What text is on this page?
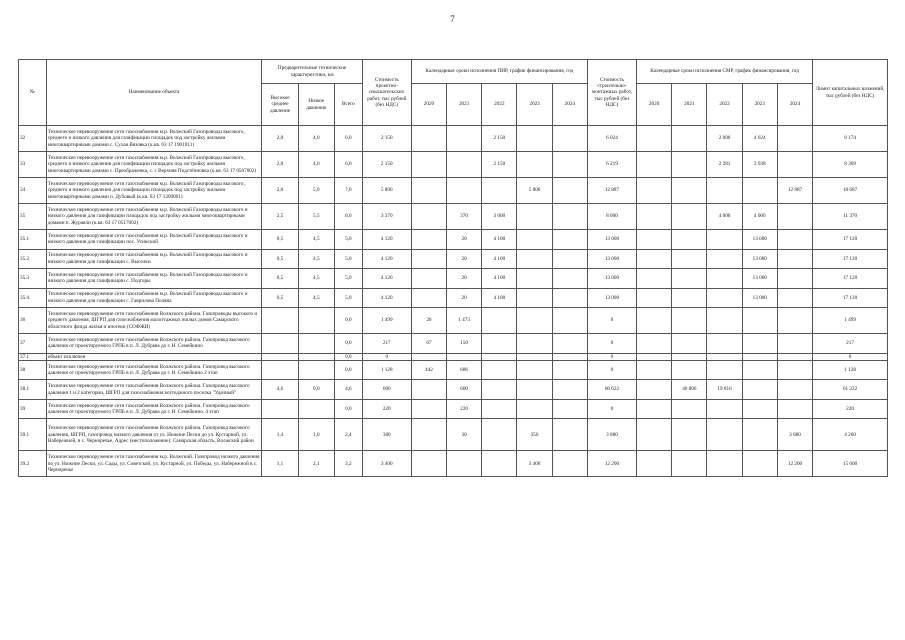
7
№	Наименование объекта	Предварительные технические характеристики, км			Стоимость проектно-изыскательских работ, тыс рублей (без НДС)	Календарные сроки исполнения ПИР, график финансирования, год					Стоимость строительно-монтажных работ, тыс рублей (без НДС)	Календарные сроки исполнения СМР, график финансирования, год					Лимит капитальных вложений, тыс рублей (без НДС)
		Высокое среднее давление	Низкое давление	Всего		2020	2021	2022	2023	2024		2020	2021	2022	2023	2024	
32	Техническое перевооружение сети газоснабжения м.р. Волжский Газопроводы высокого, среднего и низкого давления для газификации площадок под застройку жилыми многоквартирными домами с. Сухая Вязовка (к.кв. 63 17 1901011)	2,0	4,0	6,0	2 150			2 150			6 024			2 000	4 024		8 174
33	Техническое перевооружение сети газоснабжения м.р. Волжский Газопроводы высокого, среднего и низкого давления для газификации площадок под застройку жилыми многоквартирными домами с. Преображенка, с. с Верхняя Подстёпновка (к.кв. 63 17 0507002)	2,0	4,0	6,0	2 150			2 150			6 219			2 281	3 938		8 369
34	Техническое перевооружение сети газоснабжения м.р. Волжский Газопроводы высокого, среднего и низкого давления для газификации площадок под застройку жилыми многоквартирными домами п. Дубовый (к.кв. 63 17 1209001)	2,0	5,0	7,0	5 800				5 800		12 887					12 887	18 687
35	Техническое перевооружение сети газоснабжения м.р. Волжский Газопроводы высокого и низкого давления для газификации площадок под застройку жилыми многоквартирными домами п. Журавли (к.кв. 63 17 0517002)	2,5	5,5	8,0	3 370		370	3 000			8 000			4 000	4 000		11 370
35.1	Техническое перевооружение сети газоснабжения м.р. Волжский Газопроводы высокого и низкого давления для газификации пос. Усинский	0,5	4,5	5,0	4 120		20	4 100			13 000				13 000		17 120
35.2	Техническое перевооружение сети газоснабжения м.р. Волжский Газопроводы высокого и низкого давления для газификации с. Выселки	0,5	4,5	5,0	4 120		20	4 100			13 000				13 000		17 120
35.3	Техническое перевооружение сети газоснабжения м.р. Волжский Газопроводы высокого и низкого давления для газификации с. Подгоры	0,5	4,5	5,0	4 120		20	4 100			13 000				13 000		17 120
35.4	Техническое перевооружение сети газоснабжения м.р. Волжский Газопроводы высокого и низкого давления для газификации с. Гаврилова Поляна	0,5	4,5	5,0	4 120		20	4 100			13 000				13 000		17 120
36	Техническое перевооружение сети газоснабжения Волжского района. Газопроводы высокого и среднего давления, ШГРП для газоснабжения малоэтажных жилых домов Самарского областного фонда жилья и ипотеки (СОФЖИ)			0,0	1 499	26	1 473				0						1 499
37	Техническое перевооружение сети газоснабжения Волжского района. Газопровод высокого давления от проектируемого ГРПБ в п. Л. Дубрава до г. Н. Семейкино			0,0	217	67	150				0						217
37.1	объект исключен			0,0	0						0						0
38	Техническое перевооружение сети газоснабжения Волжского района. Газопровод высокого давления от проектируемого ГРПБ в п. Л. Дубрава до г. Н. Семейкино 2 этап			0,0	1 128	442	686				0						1 128
38.1	Техническое перевооружение сети газоснабжения Волжского района. Газопровод высокого давления 1 и 2 категории, ШГРП для газоснабжения коттеджного поселка "Удачный"	4,6	0,0	4,6	600		600				60 622		40 806	19 816			61 222
39	Техническое перевооружение сети газоснабжения Волжского района. Газопровод высокого давления от проектируемого ГРПБ в п. Л. Дубрава до г. Н. Семейкино. 4 этап			0,0	220		220				0						220
39.1	Техническое перевооружение сети газоснабжения Волжского района. Газопровод высокого давления, ШГРП, газопровод низкого давления от ул. Нижние Пески до ул. Кустарной, ул. Набережной, в с. Черноречье, Адрес (местоположение): Самарская область, Волжский район	1,4	1,0	2,4	380		30		350		3 880					3 880	4 260
39.2	Техническое перевооружение сети газоснабжения м.р. Волжский. Газопровод низкого давления по ул. Нижние Пески, ул. Сады, ул. Советской, ул. Кустарной, ул. Победы, ул. Набережной в с. Черноречье	1,1	2,1	3,2	3 400				3 400		12 200					12 200	15 600
